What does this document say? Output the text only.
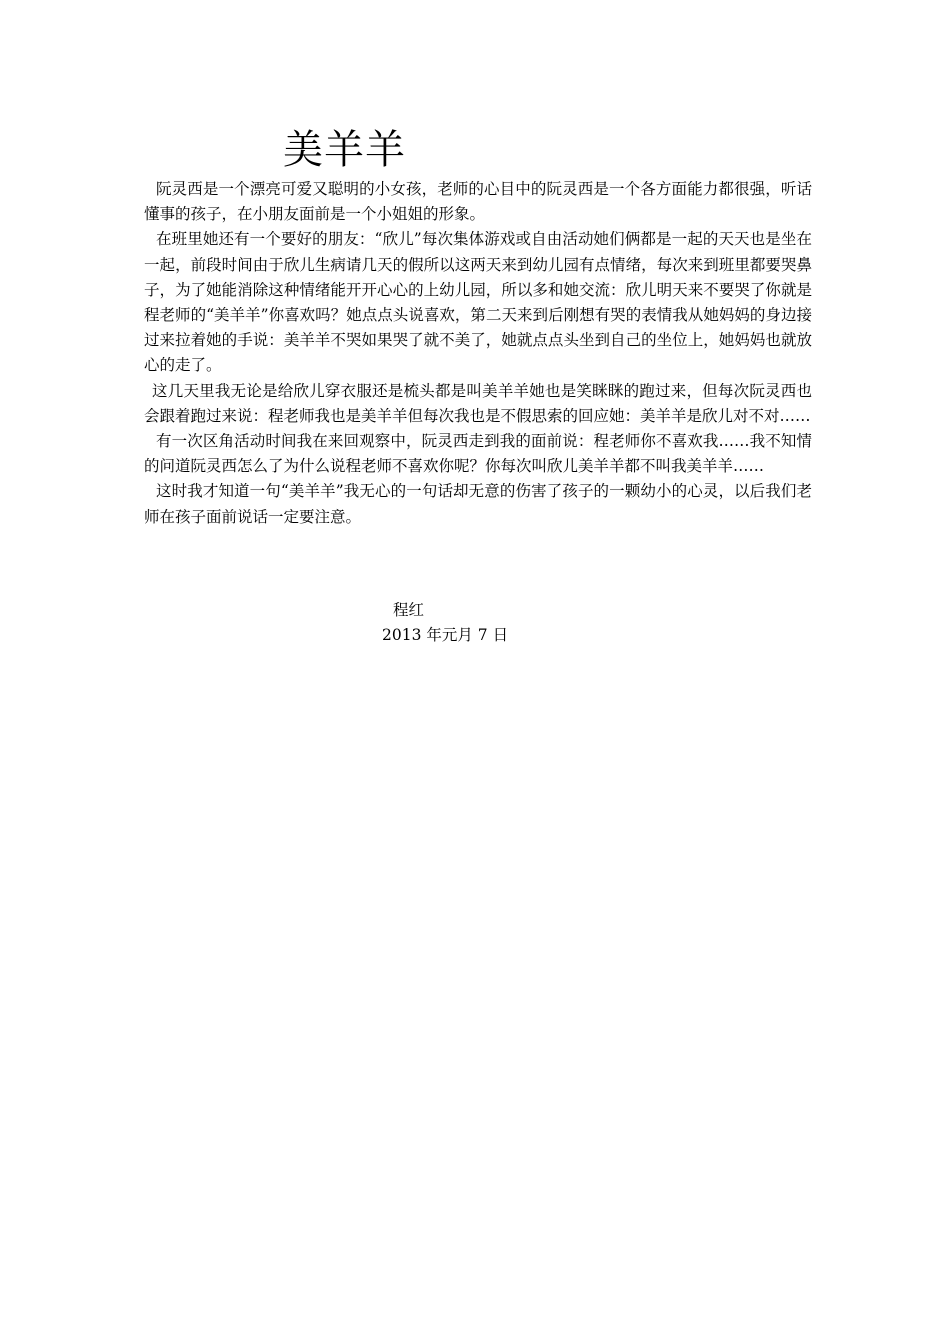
美羊羊

阮灵西是一个漂亮可爱又聪明的小女孩，老师的心目中的阮灵西是一个各方面能力都很强，听话懂事的孩子，在小朋友面前是一个小姐姐的形象。

在班里她还有一个要好的朋友：“欣儿”每次集体游戏或自由活动她们俩都是一起的天天也是坐在一起，前段时间由于欣儿生病请几天的假所以这两天来到幼儿园有点情绪，每次来到班里都要哭鼻子，为了她能消除这种情绪能开开心心的上幼儿园，所以多和她交流：欣儿明天来不要哭了你就是程老师的“美羊羊”你喜欢吗？她点点头说喜欢，第二天来到后刚想有哭的表情我从她妈妈的身边接过来拉着她的手说：美羊羊不哭如果哭了就不美了，她就点点头坐到自己的坐位上，她妈妈也就放心的走了。

这几天里我无论是给欣儿穿衣服还是梳头都是叫美羊羊她也是笑眯眯的跑过来，但每次阮灵西也会跟着跑过来说：程老师我也是美羊羊但每次我也是不假思索的回应她：美羊羊是欣儿对不对……

有一次区角活动时间我在来回观察中，阮灵西走到我的面前说：程老师你不喜欢我……我不知情的问道阮灵西怎么了为什么说程老师不喜欢你呢？你每次叫欣儿美羊羊都不叫我美羊羊……

这时我才知道一句“美羊羊”我无心的一句话却无意的伤害了孩子的一颗幼小的心灵，以后我们老师在孩子面前说话一定要注意。

程红
2013 年元月 7 日
